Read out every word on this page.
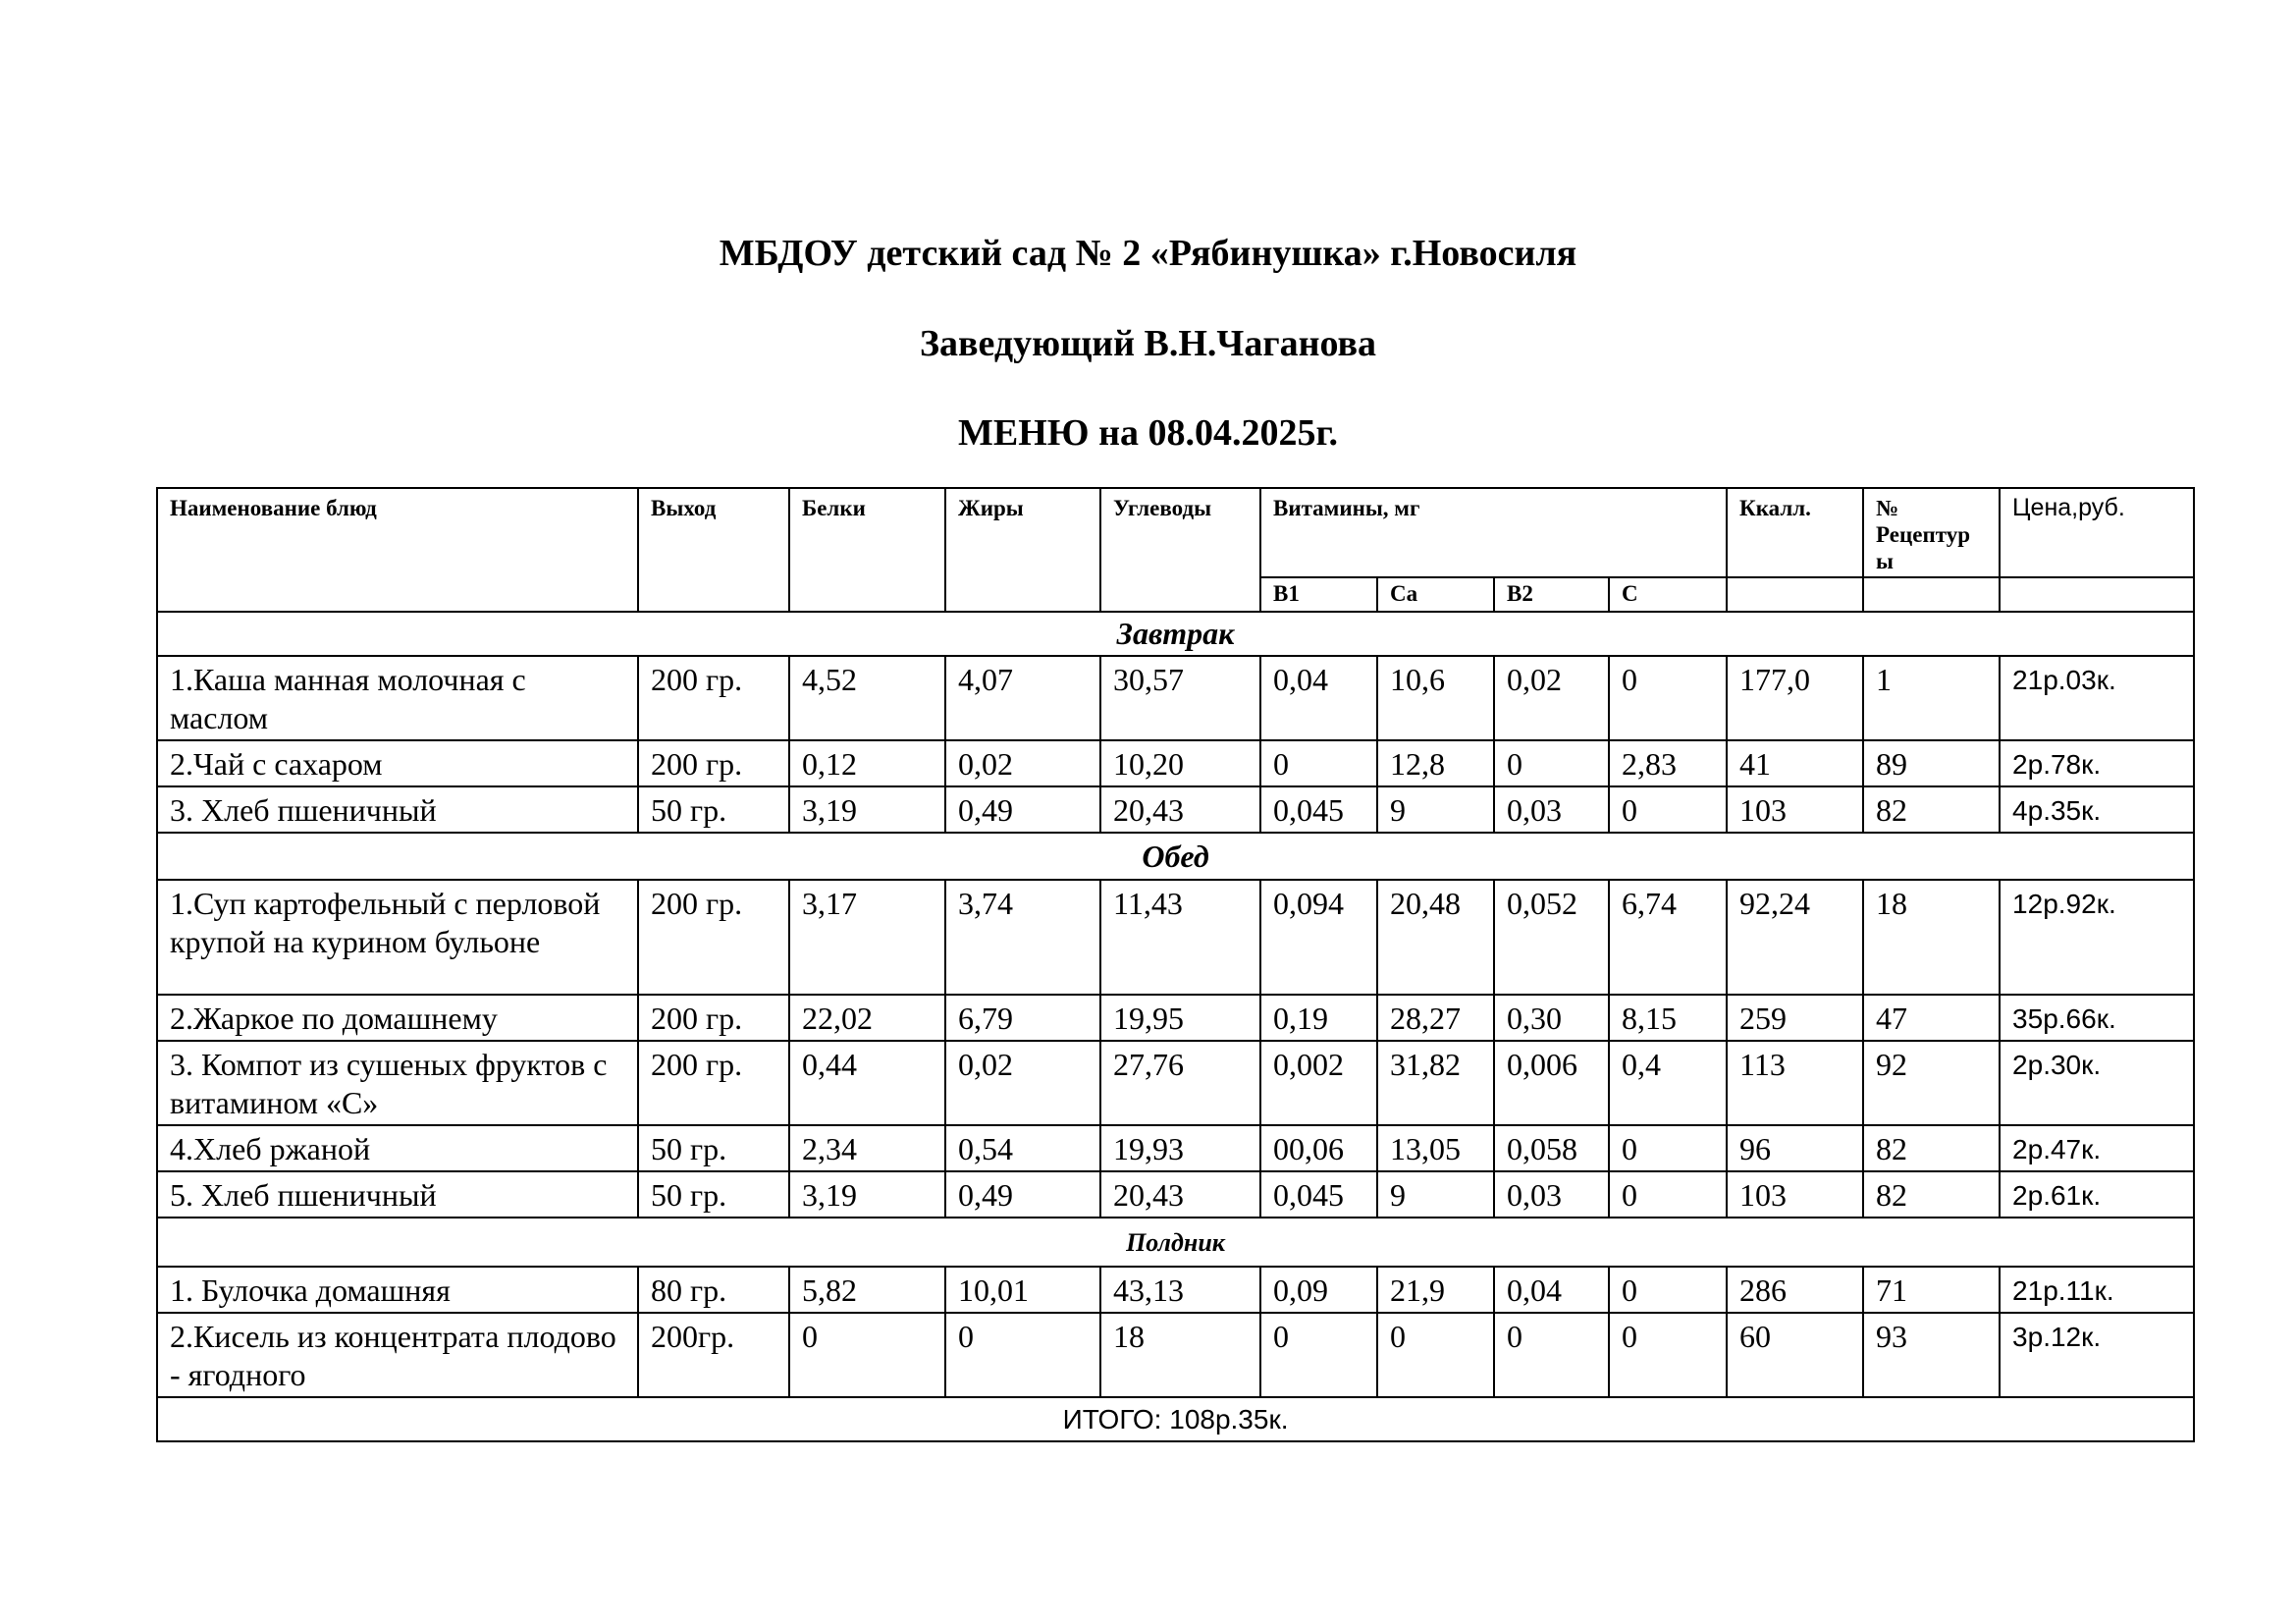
МБДОУ детский сад № 2 «Рябинушка» г.Новосиля
Заведующий В.Н.Чаганова
МЕНЮ на 08.04.2025г.
Наименование блюд	Выход	Белки	Жиры	Углеводы	Витамины, мг				Ккалл.	№ Рецептуры	Цена,руб.
					В1	Са	В2	С			
Завтрак											
1.Каша манная молочная с маслом	200 гр.	4,52	4,07	30,57	0,04	10,6	0,02	0	177,0	1	21р.03к.
2.Чай с сахаром	200 гр.	0,12	0,02	10,20	0	12,8	0	2,83	41	89	2р.78к.
3. Хлеб пшеничный	50 гр.	3,19	0,49	20,43	0,045	9	0,03	0	103	82	4р.35к.
Обед											
1.Суп картофельный с перловой крупой на курином бульоне	200 гр.	3,17	3,74	11,43	0,094	20,48	0,052	6,74	92,24	18	12р.92к.
2.Жаркое по домашнему	200 гр.	22,02	6,79	19,95	0,19	28,27	0,30	8,15	259	47	35р.66к.
3. Компот из сушеных фруктов с витамином «С»	200 гр.	0,44	0,02	27,76	0,002	31,82	0,006	0,4	113	92	2р.30к.
4.Хлеб ржаной	50 гр.	2,34	0,54	19,93	00,06	13,05	0,058	0	96	82	2р.47к.
5. Хлеб пшеничный	50 гр.	3,19	0,49	20,43	0,045	9	0,03	0	103	82	2р.61к.
Полдник											
1. Булочка домашняя	80 гр.	5,82	10,01	43,13	0,09	21,9	0,04	0	286	71	21р.11к.
2.Кисель из концентрата плодово - ягодного	200гр.	0	0	18	0	0	0	0	60	93	3р.12к.
ИТОГО: 108р.35к.											
